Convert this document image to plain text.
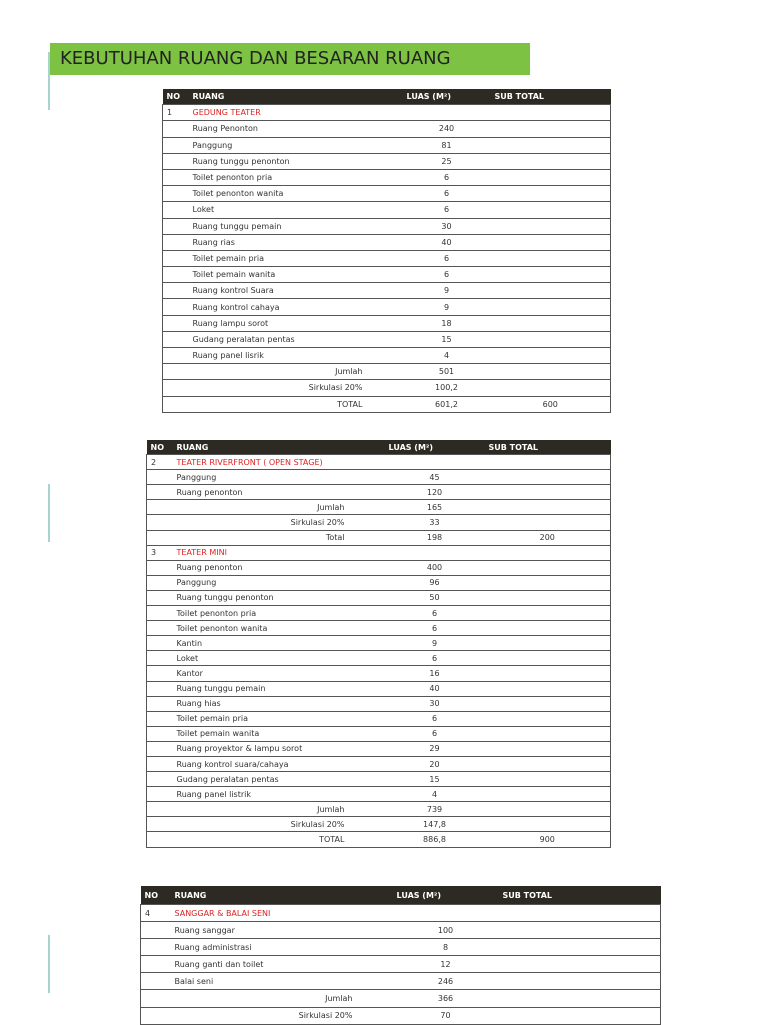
KEBUTUHAN RUANG DAN BESARAN RUANG
NO	RUANG	LUAS (M²)	SUB TOTAL
1	GEDUNG TEATER		
	Ruang Penonton	240	
	Panggung	81	
	Ruang tunggu penonton	25	
	Toilet penonton pria	6	
	Toilet penonton wanita	6	
	Loket	6	
	Ruang tunggu pemain	30	
	Ruang rias	40	
	Toilet pemain pria	6	
	Toilet pemain wanita	6	
	Ruang kontrol Suara	9	
	Ruang kontrol cahaya	9	
	Ruang lampu sorot	18	
	Gudang peralatan pentas	15	
	Ruang panel lisrik	4	
	Jumlah	501	
	Sirkulasi 20%	100,2	
	TOTAL	601,2	600
NO	RUANG	LUAS (M²)	SUB TOTAL
2	TEATER RIVERFRONT ( OPEN STAGE)		
	Panggung	45	
	Ruang penonton	120	
	Jumlah	165	
	Sirkulasi 20%	33	
	Total	198	200
3	TEATER MINI		
	Ruang penonton	400	
	Panggung	96	
	Ruang tunggu penonton	50	
	Toilet penonton pria	6	
	Toilet penonton wanita	6	
	Kantin	9	
	Loket	6	
	Kantor	16	
	Ruang tunggu pemain	40	
	Ruang hias	30	
	Toilet pemain pria	6	
	Toilet pemain wanita	6	
	Ruang proyektor & lampu sorot	29	
	Ruang kontrol suara/cahaya	20	
	Gudang peralatan pentas	15	
	Ruang panel listrik	4	
	Jumlah	739	
	Sirkulasi 20%	147,8	
	TOTAL	886,8	900
NO	RUANG	LUAS (M²)	SUB TOTAL
4	SANGGAR & BALAI SENI		
	Ruang sanggar	100	
	Ruang administrasi	8	
	Ruang ganti dan toilet	12	
	Balai seni	246	
	Jumlah	366	
	Sirkulasi 20%	70	
